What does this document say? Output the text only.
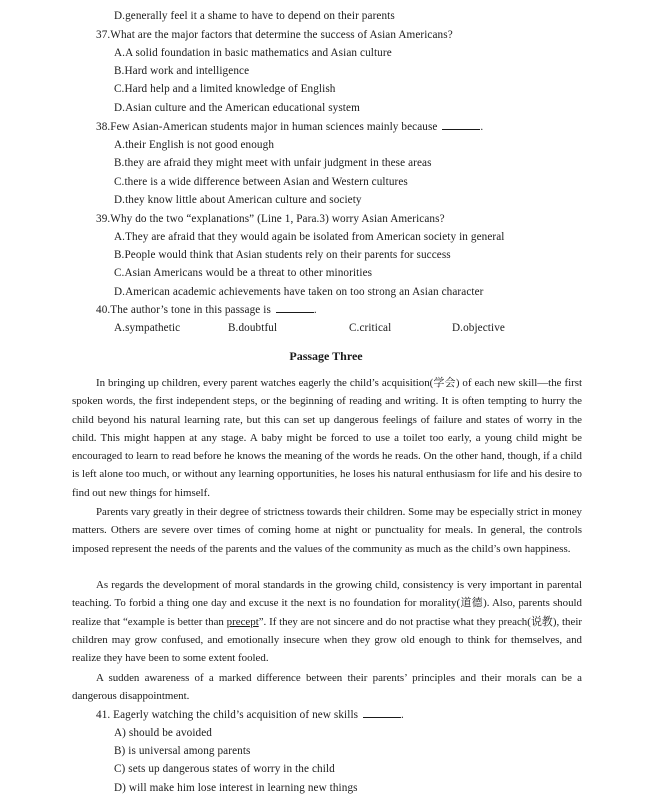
D.generally feel it a shame to have to depend on their parents
37.What are the major factors that determine the success of Asian Americans?
A.A solid foundation in basic mathematics and Asian culture
B.Hard work and intelligence
C.Hard help and a limited knowledge of English
D.Asian culture and the American educational system
38.Few Asian-American students major in human sciences mainly because	.
A.their English is not good enough
B.they are afraid they might meet with unfair judgment in these areas
C.there is a wide difference between Asian and Western cultures
D.they know little about American culture and society
39.Why do the two “explanations” (Line 1, Para.3) worry Asian Americans?
A.They are afraid that they would again be isolated from American society in general
B.People would think that Asian students rely on their parents for success
C.Asian Americans would be a threat to other minorities
D.American academic achievements have taken on too strong an Asian character
40.The author’s tone in this passage is	.
A.sympathetic	B.doubtful	C.critical	D.objective
Passage Three
In bringing up children, every parent watches eagerly the child’s acquisition(学会) of each new skill—the first spoken words, the first independent steps, or the beginning of reading and writing. It is often tempting to hurry the child beyond his natural learning rate, but this can set up dangerous feelings of failure and states of worry in the child. This might happen at any stage. A baby might be forced to use a toilet too early, a young child might be encouraged to learn to read before he knows the meaning of the words he reads. On the other hand, though, if a child is left alone too much, or without any learning opportunities, he loses his natural enthusiasm for life and his desire to find out new things for himself.
Parents vary greatly in their degree of strictness towards their children. Some may be especially strict in money matters. Others are severe over times of coming home at night or punctuality for meals. In general, the controls imposed represent the needs of the parents and the values of the community as much as the child’s own happiness.
As regards the development of moral standards in the growing child, consistency is very important in parental teaching. To forbid a thing one day and excuse it the next is no foundation for morality(道德). Also, parents should realize that “example is better than precept”. If they are not sincere and do not practise what they preach(说教), their children may grow confused, and emotionally insecure when they grow old enough to think for themselves, and realize they have been to some extent fooled.
A sudden awareness of a marked difference between their parents’ principles and their morals can be a dangerous disappointment.
41. Eagerly watching the child’s acquisition of new skills	.
A) should be avoided
B) is universal among parents
C) sets up dangerous states of worry in the child
D) will make him lose interest in learning new things
